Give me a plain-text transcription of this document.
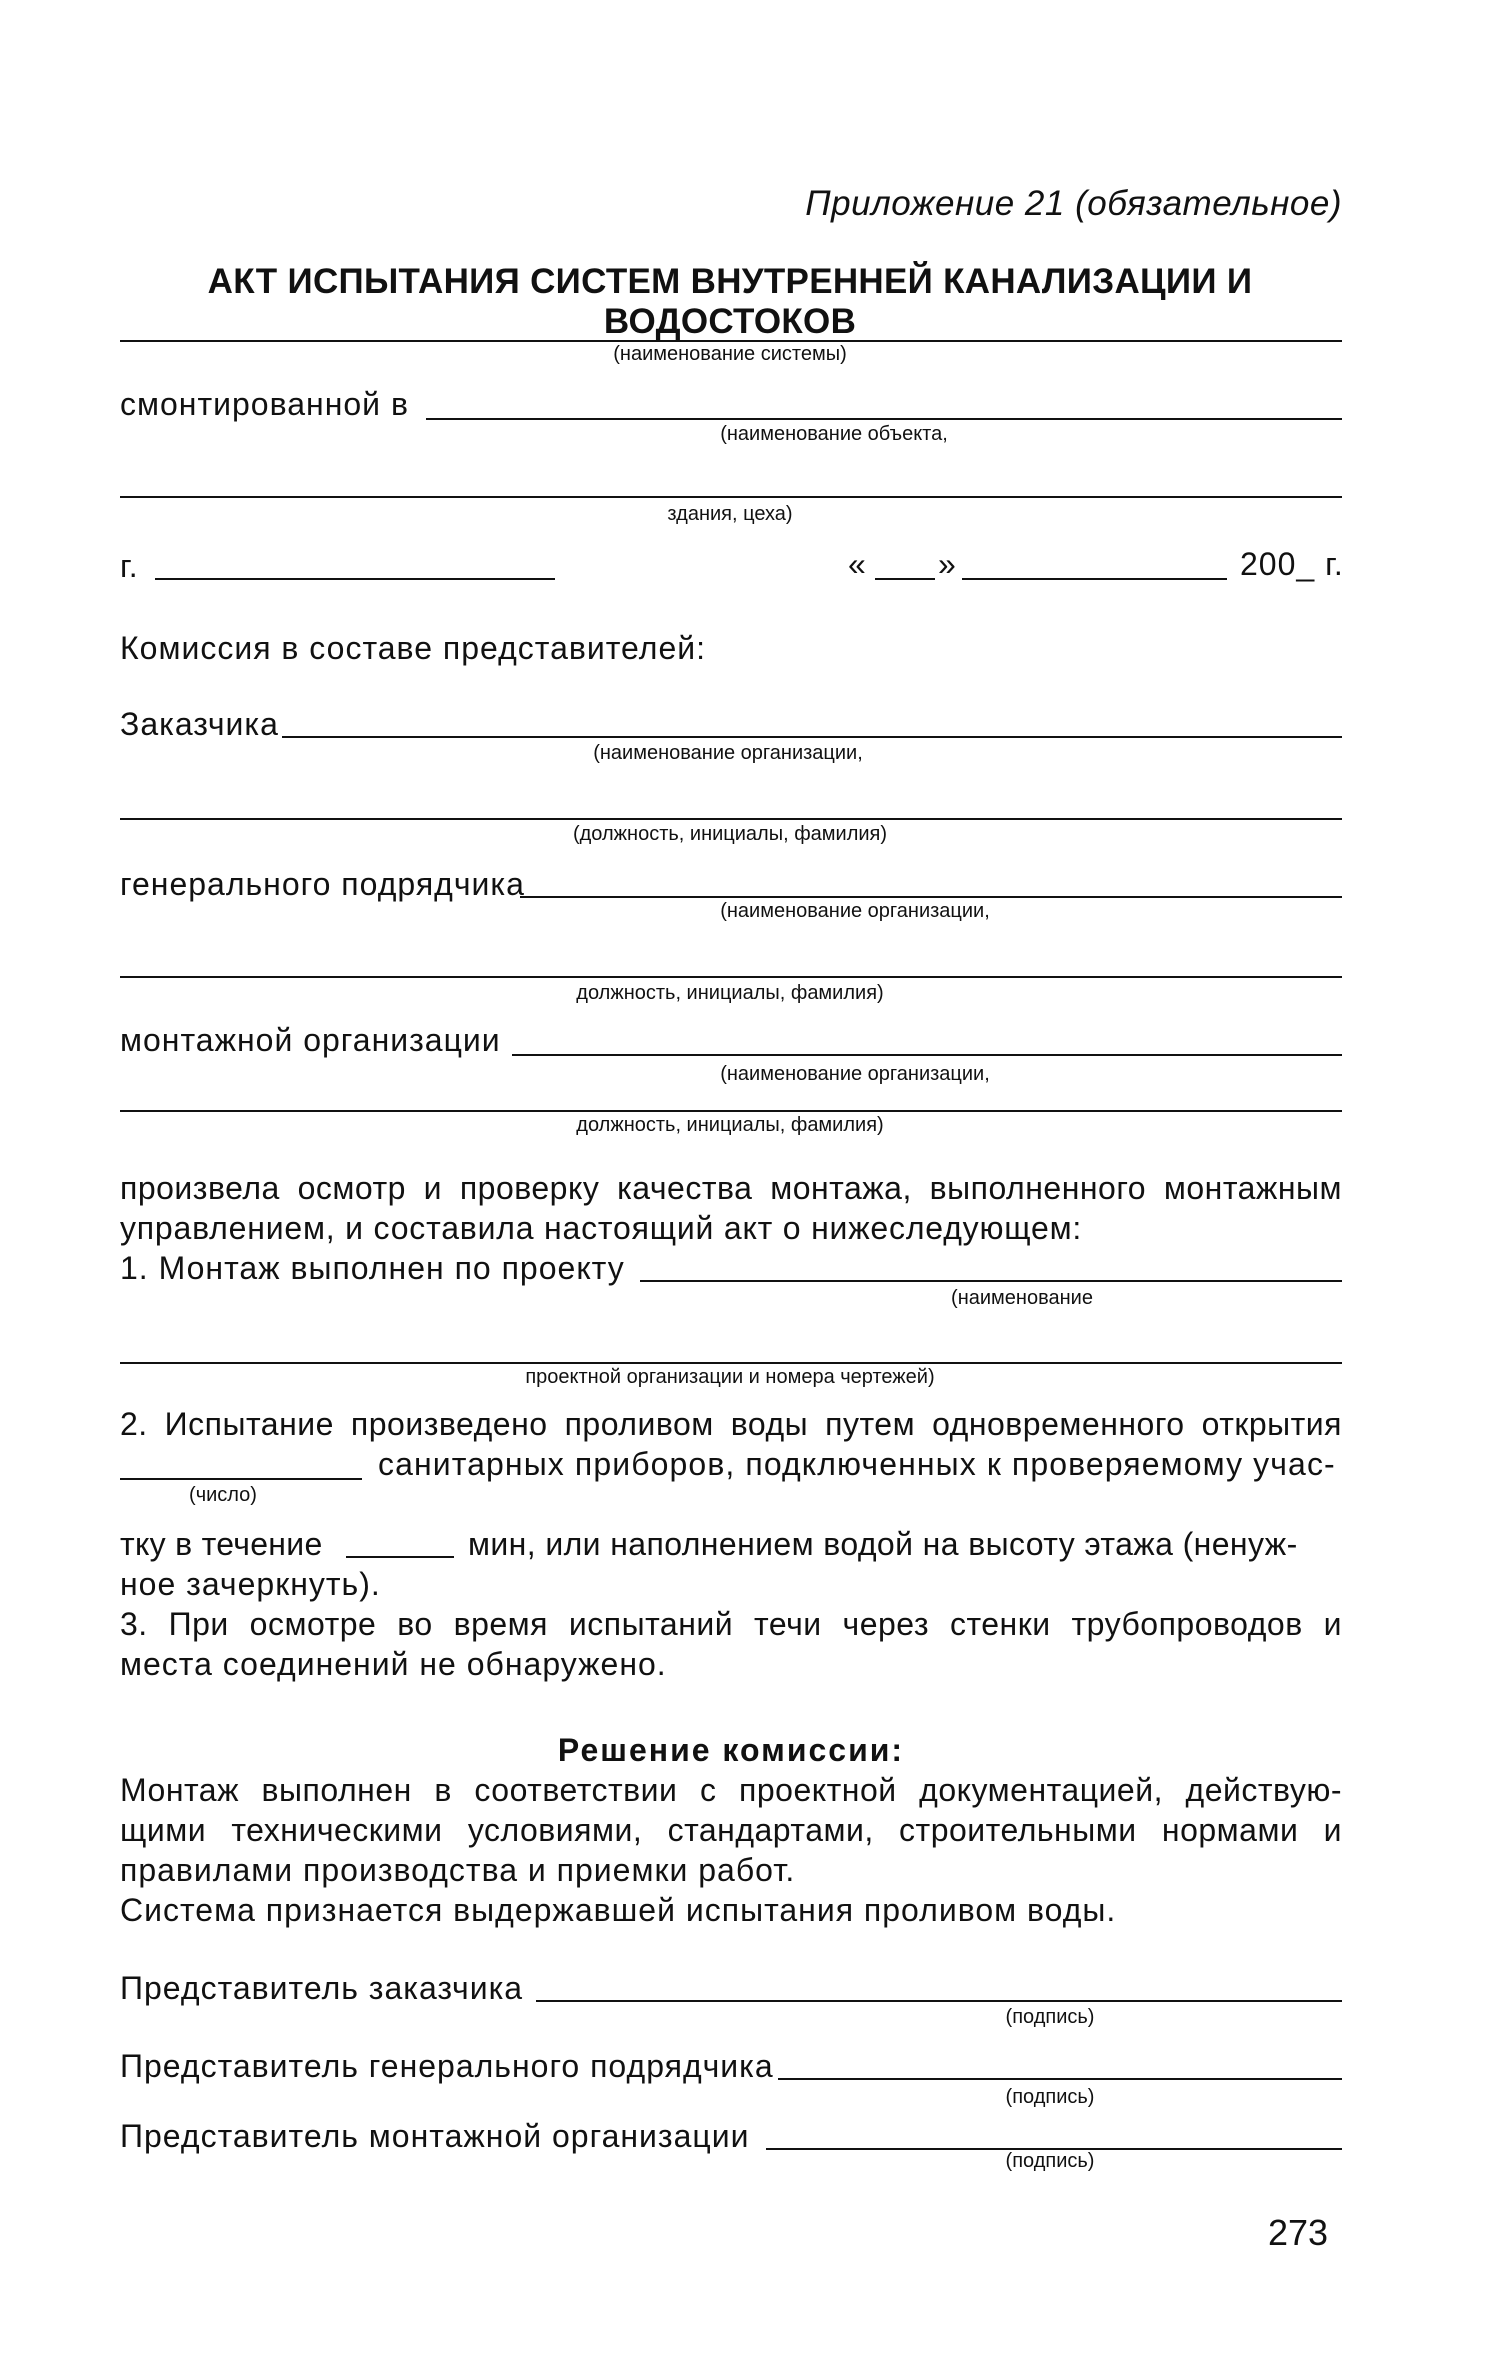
Приложение 21 (обязательное)
АКТ ИСПЫТАНИЯ СИСТЕМ ВНУТРЕННЕЙ КАНАЛИЗАЦИИ И ВОДОСТОКОВ
(наименование системы)
смонтированной в
(наименование объекта,
здания, цеха)
г.	« »	200_ г.
Комиссия в составе представителей:
Заказчика
(наименование организации,
(должность, инициалы, фамилия)
генерального подрядчика
(наименование организации,
должность, инициалы, фамилия)
монтажной организации
(наименование организации,
должность, инициалы, фамилия)
произвела осмотр и проверку качества монтажа, выполненного монтажным
управлением, и составила настоящий акт о нижеследующем:
1. Монтаж выполнен по проекту
(наименование
проектной организации и номера чертежей)
2. Испытание произведено проливом воды путем одновременного открытия
санитарных приборов, подключенных к проверяемому учас-
(число)
тку в течение	мин, или наполнением водой на высоту этажа (ненуж-
ное зачеркнуть).
3. При осмотре во время испытаний течи через стенки трубопроводов и
места соединений не обнаружено.
Решение комиссии:
Монтаж выполнен в соответствии с проектной документацией, действую-
щими техническими условиями, стандартами, строительными нормами и
правилами производства и приемки работ.
Система признается выдержавшей испытания проливом воды.
Представитель заказчика
(подпись)
Представитель генерального подрядчика
(подпись)
Представитель монтажной организации
(подпись)
273
